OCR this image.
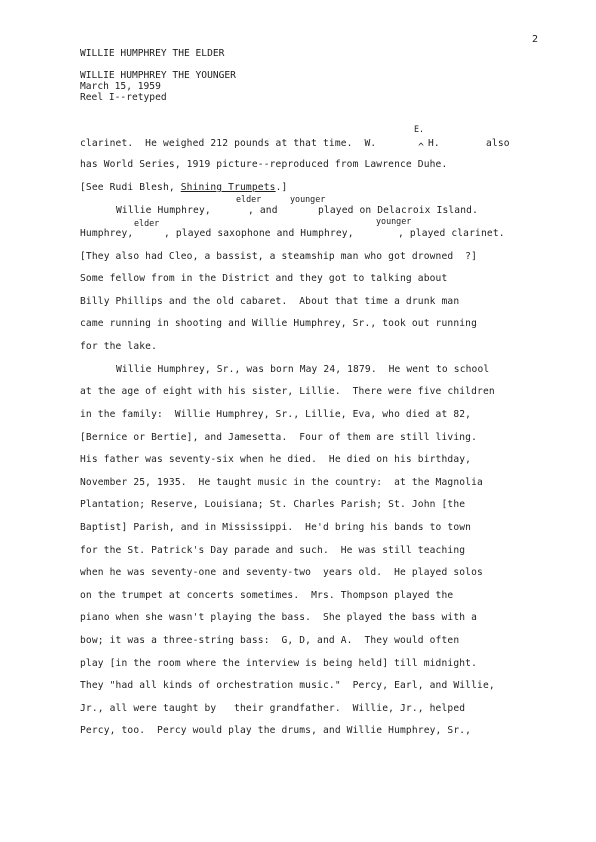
2
WILLIE HUMPHREY THE ELDER
WILLIE HUMPHREY THE YOUNGER
March 15, 1959
Reel I--retyped
E.
^
elder	younger
elder	younger
clarinet.  He weighed 212 pounds at that time.  W.	H.	also
has World Series, 1919 picture--reproduced from Lawrence Duhe.
[See Rudi Blesh, Shining Trumpets.]
Willie Humphrey,	, and	played on Delacroix Island.
Humphrey,	, played saxophone and Humphrey,	, played clarinet.
[They also had Cleo, a bassist, a steamship man who got drowned  ?]
Some fellow from in the District and they got to talking about
Billy Phillips and the old cabaret.  About that time a drunk man
came running in shooting and Willie Humphrey, Sr., took out running
for the lake.
Willie Humphrey, Sr., was born May 24, 1879.  He went to school
at the age of eight with his sister, Lillie.  There were five children
in the family:  Willie Humphrey, Sr., Lillie, Eva, who died at 82,
[Bernice or Bertie], and Jamesetta.  Four of them are still living.
His father was seventy-six when he died.  He died on his birthday,
November 25, 1935.  He taught music in the country:  at the Magnolia
Plantation; Reserve, Louisiana; St. Charles Parish; St. John [the
Baptist] Parish, and in Mississippi.  He'd bring his bands to town
for the St. Patrick's Day parade and such.  He was still teaching
when he was seventy-one and seventy-two  years old.  He played solos
on the trumpet at concerts sometimes.  Mrs. Thompson played the
piano when she wasn't playing the bass.  She played the bass with a
bow; it was a three-string bass:  G, D, and A.  They would often
play [in the room where the interview is being held] till midnight.
They "had all kinds of orchestration music."  Percy, Earl, and Willie,
Jr., all were taught by   their grandfather.  Willie, Jr., helped
Percy, too.  Percy would play the drums, and Willie Humphrey, Sr.,
